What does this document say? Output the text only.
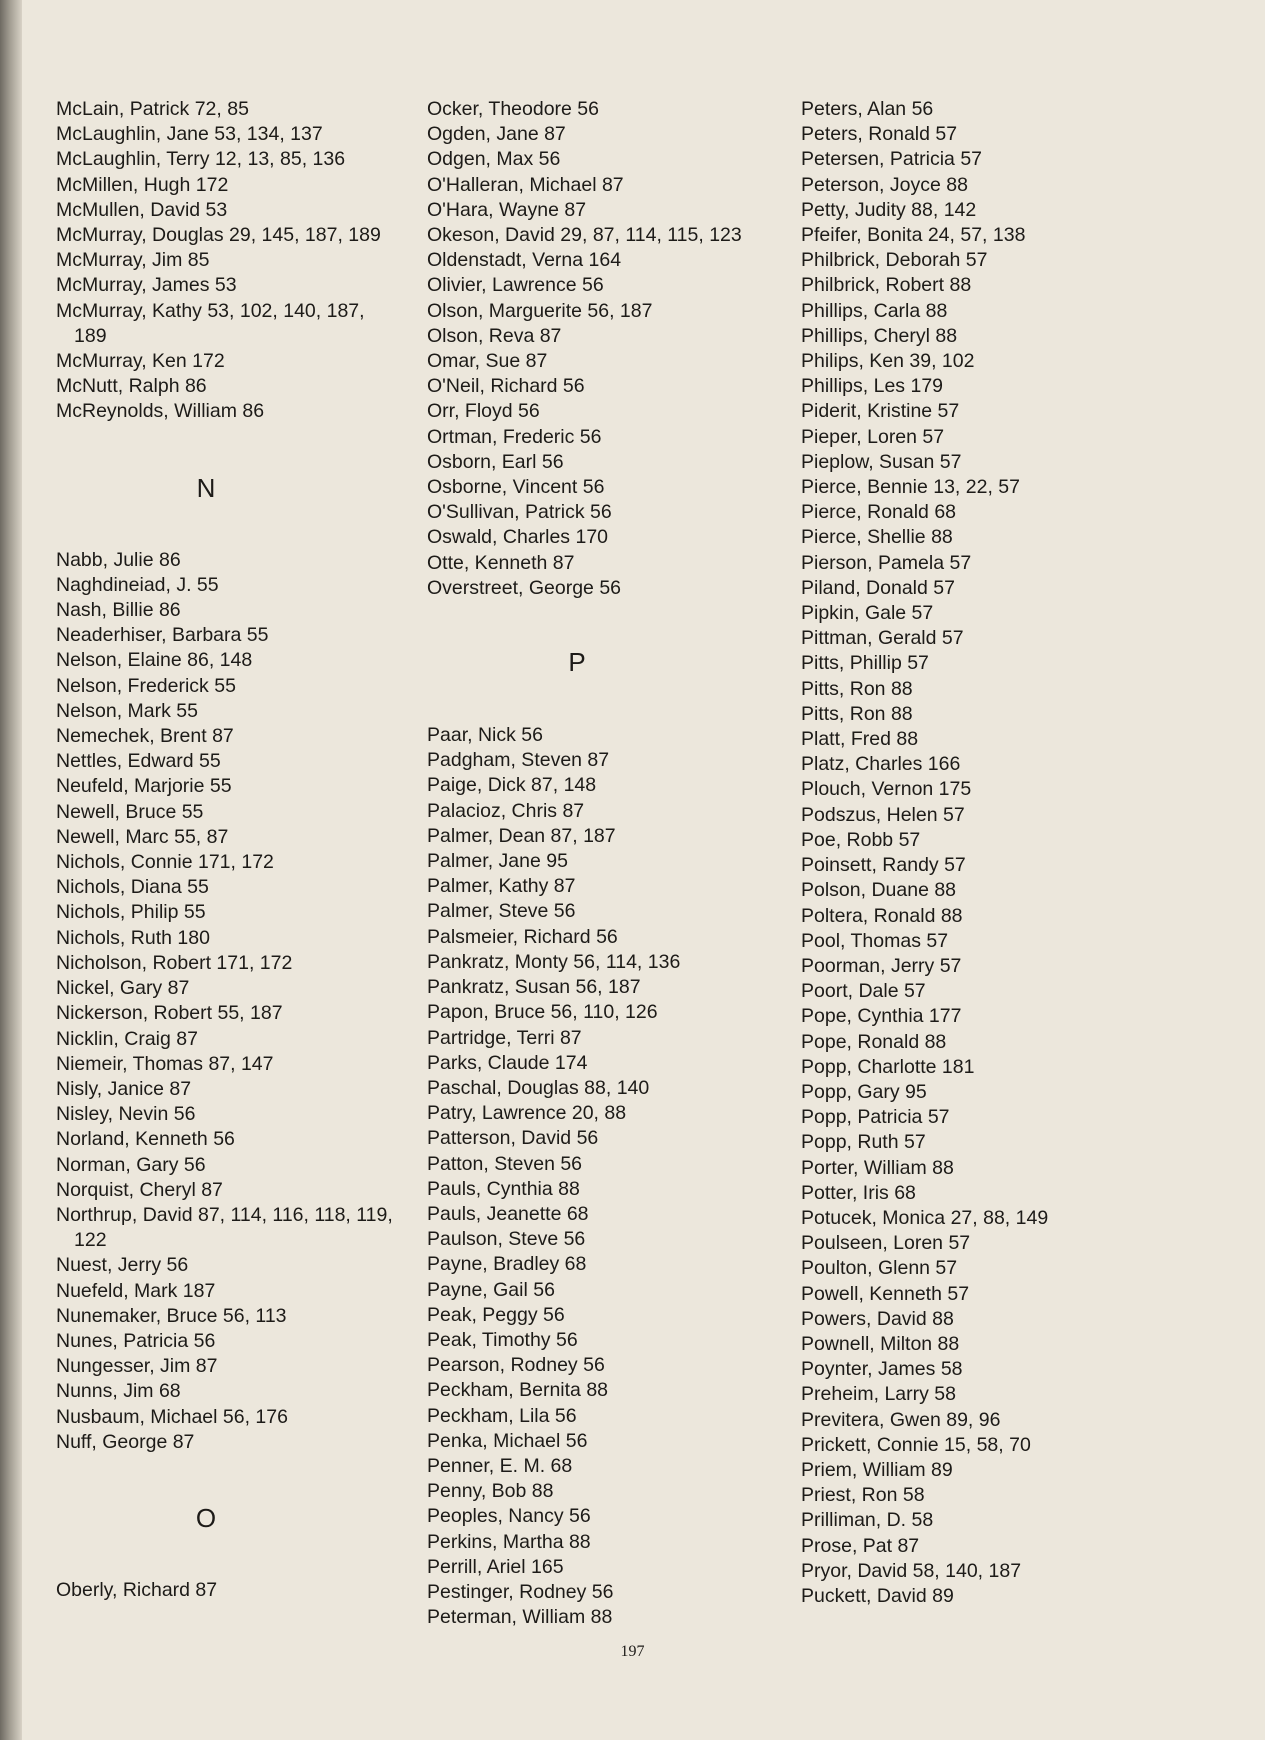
McLain, Patrick 72, 85
McLaughlin, Jane 53, 134, 137
McLaughlin, Terry 12, 13, 85, 136
McMillen, Hugh 172
McMullen, David 53
McMurray, Douglas 29, 145, 187, 189
McMurray, Jim 85
McMurray, James 53
McMurray, Kathy 53, 102, 140, 187, 189
McMurray, Ken 172
McNutt, Ralph 86
McReynolds, William 86
N
Nabb, Julie 86
Naghdineiad, J. 55
Nash, Billie 86
Neaderhiser, Barbara 55
Nelson, Elaine 86, 148
Nelson, Frederick 55
Nelson, Mark 55
Nemechek, Brent 87
Nettles, Edward 55
Neufeld, Marjorie 55
Newell, Bruce 55
Newell, Marc 55, 87
Nichols, Connie 171, 172
Nichols, Diana 55
Nichols, Philip 55
Nichols, Ruth 180
Nicholson, Robert 171, 172
Nickel, Gary 87
Nickerson, Robert 55, 187
Nicklin, Craig 87
Niemeir, Thomas 87, 147
Nisly, Janice 87
Nisley, Nevin 56
Norland, Kenneth 56
Norman, Gary 56
Norquist, Cheryl 87
Northrup, David 87, 114, 116, 118, 119, 122
Nuest, Jerry 56
Nuefeld, Mark 187
Nunemaker, Bruce 56, 113
Nunes, Patricia 56
Nungesser, Jim 87
Nunns, Jim 68
Nusbaum, Michael 56, 176
Nuff, George 87
O
Oberly, Richard 87
Ocker, Theodore 56
Ogden, Jane 87
Odgen, Max 56
O'Halleran, Michael 87
O'Hara, Wayne 87
Okeson, David 29, 87, 114, 115, 123
Oldenstadt, Verna 164
Olivier, Lawrence 56
Olson, Marguerite 56, 187
Olson, Reva 87
Omar, Sue 87
O'Neil, Richard 56
Orr, Floyd 56
Ortman, Frederic 56
Osborn, Earl 56
Osborne, Vincent 56
O'Sullivan, Patrick 56
Oswald, Charles 170
Otte, Kenneth 87
Overstreet, George 56
P
Paar, Nick 56
Padgham, Steven 87
Paige, Dick 87, 148
Palacioz, Chris 87
Palmer, Dean 87, 187
Palmer, Jane 95
Palmer, Kathy 87
Palmer, Steve 56
Palsmeier, Richard 56
Pankratz, Monty 56, 114, 136
Pankratz, Susan 56, 187
Papon, Bruce 56, 110, 126
Partridge, Terri 87
Parks, Claude 174
Paschal, Douglas 88, 140
Patry, Lawrence 20, 88
Patterson, David 56
Patton, Steven 56
Pauls, Cynthia 88
Pauls, Jeanette 68
Paulson, Steve 56
Payne, Bradley 68
Payne, Gail 56
Peak, Peggy 56
Peak, Timothy 56
Pearson, Rodney 56
Peckham, Bernita 88
Peckham, Lila 56
Penka, Michael 56
Penner, E. M. 68
Penny, Bob 88
Peoples, Nancy 56
Perkins, Martha 88
Perrill, Ariel 165
Pestinger, Rodney 56
Peterman, William 88
Peters, Alan 56
Peters, Ronald 57
Petersen, Patricia 57
Peterson, Joyce 88
Petty, Judity 88, 142
Pfeifer, Bonita 24, 57, 138
Philbrick, Deborah 57
Philbrick, Robert 88
Phillips, Carla 88
Phillips, Cheryl 88
Philips, Ken 39, 102
Phillips, Les 179
Piderit, Kristine 57
Pieper, Loren 57
Pieplow, Susan 57
Pierce, Bennie 13, 22, 57
Pierce, Ronald 68
Pierce, Shellie 88
Pierson, Pamela 57
Piland, Donald 57
Pipkin, Gale 57
Pittman, Gerald 57
Pitts, Phillip 57
Pitts, Ron 88
Pitts, Ron 88
Platt, Fred 88
Platz, Charles 166
Plouch, Vernon 175
Podszus, Helen 57
Poe, Robb 57
Poinsett, Randy 57
Polson, Duane 88
Poltera, Ronald 88
Pool, Thomas 57
Poorman, Jerry 57
Poort, Dale 57
Pope, Cynthia 177
Pope, Ronald 88
Popp, Charlotte 181
Popp, Gary 95
Popp, Patricia 57
Popp, Ruth 57
Porter, William 88
Potter, Iris 68
Potucek, Monica 27, 88, 149
Poulseen, Loren 57
Poulton, Glenn 57
Powell, Kenneth 57
Powers, David 88
Pownell, Milton 88
Poynter, James 58
Preheim, Larry 58
Previtera, Gwen 89, 96
Prickett, Connie 15, 58, 70
Priem, William 89
Priest, Ron 58
Prilliman, D. 58
Prose, Pat 87
Pryor, David 58, 140, 187
Puckett, David 89
197
